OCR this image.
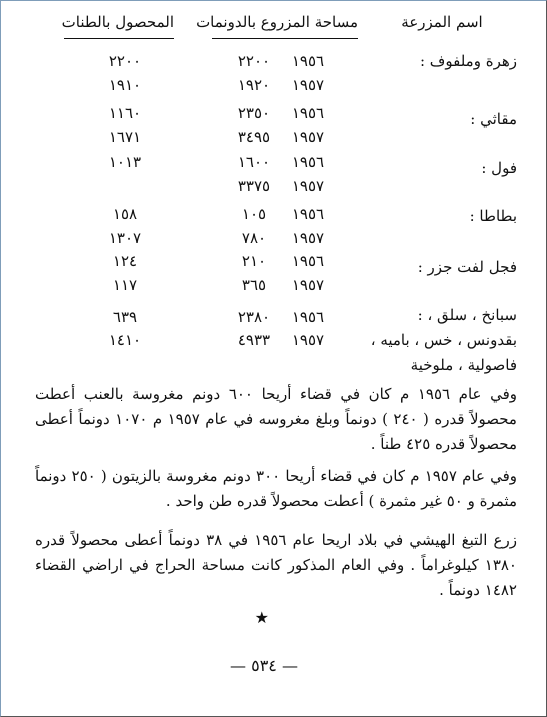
اسم المزرعة
مساحة المزروع بالدونمات
المحصول بالطنات
زهرة وملفوف :
١٩٥٦
٢٢٠٠
٢٢٠٠
١٩٥٧
١٩٢٠
١٩١٠
مقاثي :
١٩٥٦
٢٣٥٠
١١٦٠
١٩٥٧
٣٤٩٥
١٦٧١
فول :
١٩٥٦
١٦٠٠
١٠١٣
١٩٥٧
٣٣٧٥
بطاطا :
١٩٥٦
١٠٥
١٥٨
١٩٥٧
٧٨٠
١٣٠٧
فجل لفت جزر :
١٩٥٦
٢١٠
١٢٤
١٩٥٧
٣٦٥
١١٧
سبانخ ، سلق ، :
١٩٥٦
٢٣٨٠
٦٣٩
بقدونس ، خس ، باميه ،
١٩٥٧
٤٩٣٣
١٤١٠
فاصولية ، ملوخية
وفي عام ١٩٥٦ م كان في قضاء أريحا ٦٠٠ دونم مغروسة بالعنب أعطت محصولاً قدره ( ٢٤٠ ) دونماً وبلغ مغروسه في عام ١٩٥٧ م ١٠٧٠ دونماً أعطى محصولاً قدره ٤٢٥ طناً .
وفي عام ١٩٥٧ م كان في قضاء أريحا ٣٠٠ دونم مغروسة بالزيتون ( ٢٥٠ دونماً مثمرة و ٥٠ غير مثمرة ) أعطت محصولاً قدره طن واحد .
زرع التبغ الهيشي في بلاد اريحا عام ١٩٥٦ في ٣٨ دونماً أعطى محصولاً قدره ١٣٨٠ كيلوغراماً . وفي العام المذكور كانت مساحة الحراج في اراضي القضاء ١٤٨٢ دونماً .
★
— ٥٣٤ —
